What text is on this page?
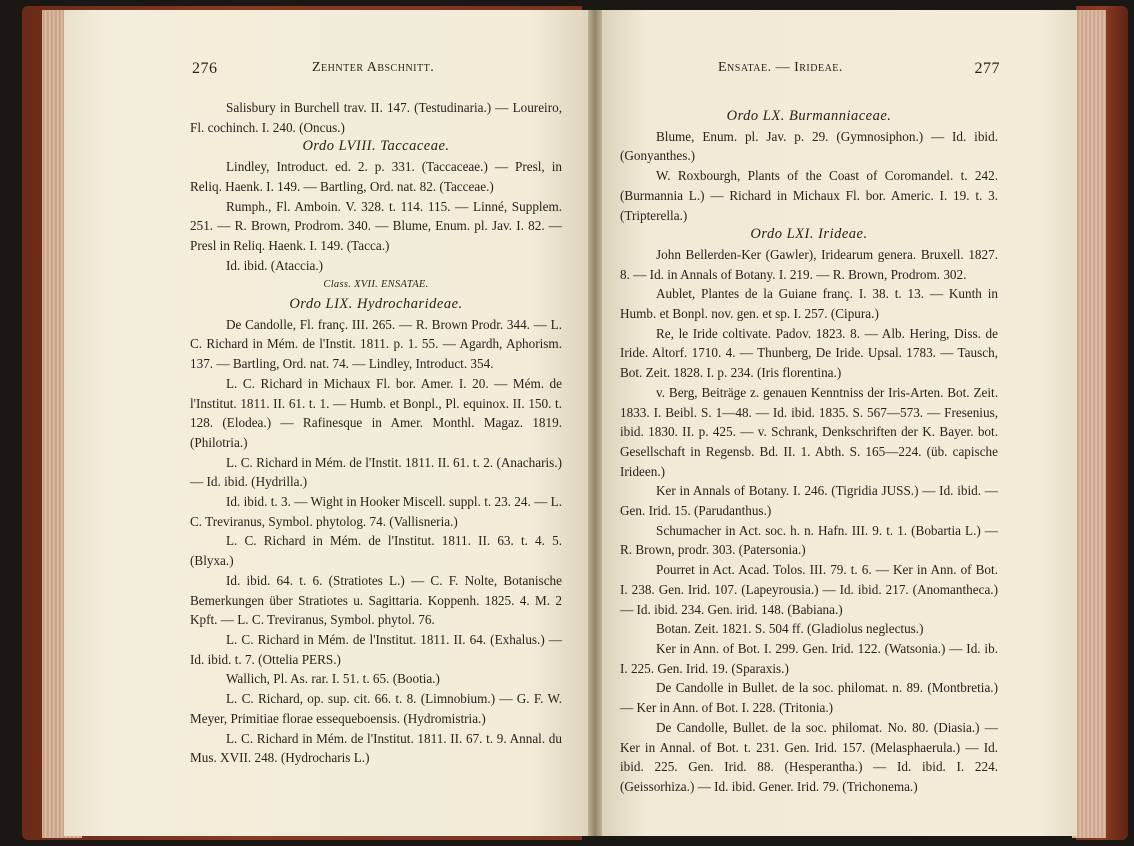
276	Zehnter Abschnitt.	Ensatae. — Irideae.	277

Salisbury in Burchell trav. II. 147. (Testudinaria.) — Loureiro, Fl. cochinch. I. 240. (Oncus.)

Ordo LVIII. Taccaceae.

Lindley, Introduct. ed. 2. p. 331. (Taccaceae.) — Presl, in Reliq. Haenk. I. 149. — Bartling, Ord. nat. 82. (Tacceae.)

Rumph., Fl. Amboin. V. 328. t. 114. 115. — Linné, Supplem. 251. — R. Brown, Prodrom. 340. — Blume, Enum. pl. Jav. I. 82. — Presl in Reliq. Haenk. I. 149. (Tacca.)

Id. ibid. (Ataccia.)

Class. XVII. ENSATAE.

Ordo LIX. Hydrocharideae.

De Candolle, Fl. franç. III. 265. — R. Brown Prodr. 344. — L. C. Richard in Mém. de l'Instit. 1811. p. 1. 55. — Agardh, Aphorism. 137. — Bartling, Ord. nat. 74. — Lindley, Introduct. 354.

L. C. Richard in Michaux Fl. bor. Amer. I. 20. — Mém. de l'Institut. 1811. II. 61. t. 1. — Humb. et Bonpl., Pl. equinox. II. 150. t. 128. (Elodea.) — Rafinesque in Amer. Monthl. Magaz. 1819. (Philotria.)

L. C. Richard in Mém. de l'Instit. 1811. II. 61. t. 2. (Anacharis.) — Id. ibid. (Hydrilla.)

Id. ibid. t. 3. — Wight in Hooker Miscell. suppl. t. 23. 24. — L. C. Treviranus, Symbol. phytolog. 74. (Vallisneria.)

L. C. Richard in Mém. de l'Institut. 1811. II. 63. t. 4. 5. (Blyxa.)

Id. ibid. 64. t. 6. (Stratiotes L.) — C. F. Nolte, Botanische Bemerkungen über Stratiotes u. Sagittaria. Koppenh. 1825. 4. M. 2 Kpft. — L. C. Treviranus, Symbol. phytol. 76.

L. C. Richard in Mém. de l'Institut. 1811. II. 64. (Exhalus.) — Id. ibid. t. 7. (Ottelia PERS.)

Wallich, Pl. As. rar. I. 51. t. 65. (Bootia.)

L. C. Richard, op. sup. cit. 66. t. 8. (Limnobium.) — G. F. W. Meyer, Primitiae florae essequeboensis. (Hydromistria.)

L. C. Richard in Mém. de l'Institut. 1811. II. 67. t. 9. Annal. du Mus. XVII. 248. (Hydrocharis L.)

Ordo LX. Burmanniaceae.

Blume, Enum. pl. Jav. p. 29. (Gymnosiphon.) — Id. ibid. (Gonyanthes.)

W. Roxbourgh, Plants of the Coast of Coromandel. t. 242. (Burmannia L.) — Richard in Michaux Fl. bor. Americ. I. 19. t. 3. (Tripterella.)

Ordo LXI. Irideae.

John Bellerden-Ker (Gawler), Iridearum genera. Bruxell. 1827. 8. — Id. in Annals of Botany. I. 219. — R. Brown, Prodrom. 302.

Aublet, Plantes de la Guiane franç. I. 38. t. 13. — Kunth in Humb. et Bonpl. nov. gen. et sp. I. 257. (Cipura.)

Re, le Iride coltivate. Padov. 1823. 8. — Alb. Hering, Diss. de Iride. Altorf. 1710. 4. — Thunberg, De Iride. Upsal. 1783. — Tausch, Bot. Zeit. 1828. I. p. 234. (Iris florentina.)

v. Berg, Beiträge z. genauen Kenntniss der Iris-Arten. Bot. Zeit. 1833. I. Beibl. S. 1—48. — Id. ibid. 1835. S. 567—573. — Fresenius, ibid. 1830. II. p. 425. — v. Schrank, Denkschriften der K. Bayer. bot. Gesellschaft in Regensb. Bd. II. 1. Abth. S. 165—224. (üb. capische Irideen.)

Ker in Annals of Botany. I. 246. (Tigridia JUSS.) — Id. ibid. — Gen. Irid. 15. (Parudanthus.)

Schumacher in Act. soc. h. n. Hafn. III. 9. t. 1. (Bobartia L.) — R. Brown, prodr. 303. (Patersonia.)

Pourret in Act. Acad. Tolos. III. 79. t. 6. — Ker in Ann. of Bot. I. 238. Gen. Irid. 107. (Lapeyrousia.) — Id. ibid. 217. (Anomantheca.) — Id. ibid. 234. Gen. irid. 148. (Babiana.)

Botan. Zeit. 1821. S. 504 ff. (Gladiolus neglectus.)

Ker in Ann. of Bot. I. 299. Gen. Irid. 122. (Watsonia.) — Id. ib. I. 225. Gen. Irid. 19. (Sparaxis.)

De Candolle in Bullet. de la soc. philomat. n. 89. (Montbretia.) — Ker in Ann. of Bot. I. 228. (Tritonia.)

De Candolle, Bullet. de la soc. philomat. No. 80. (Diasia.) — Ker in Annal. of Bot. t. 231. Gen. Irid. 157. (Melasphaerula.) — Id. ibid. 225. Gen. Irid. 88. (Hesperantha.) — Id. ibid. I. 224. (Geissorhiza.) — Id. ibid. Gener. Irid. 79. (Trichonema.)
